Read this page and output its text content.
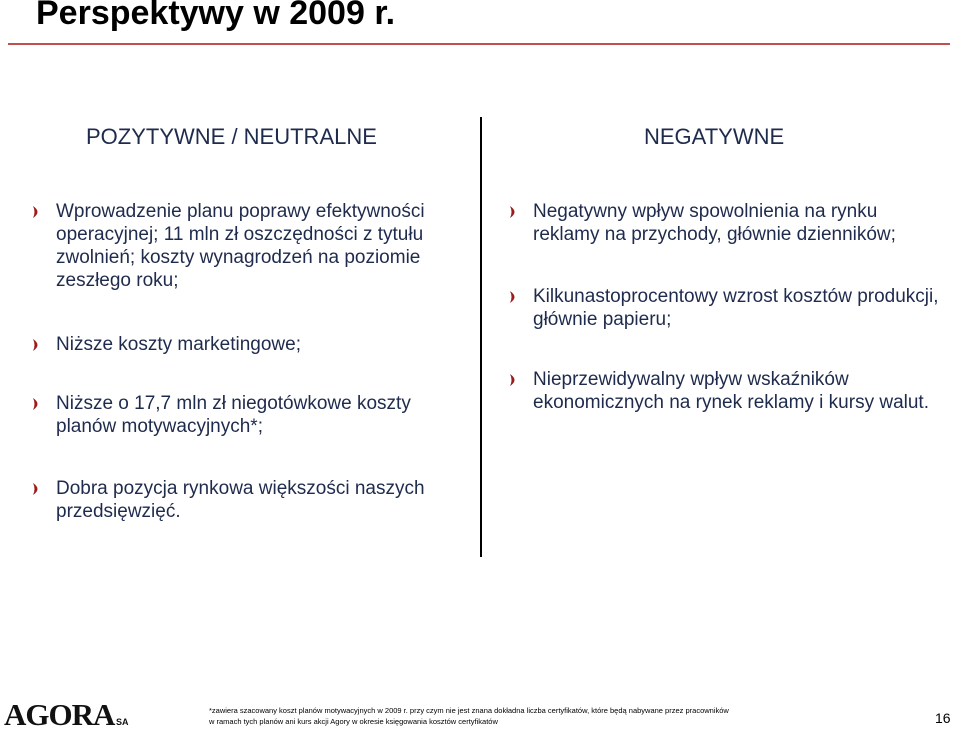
Perspektywy w 2009 r.
POZYTYWNE / NEUTRALNE	NEGATYWNE
Wprowadzenie planu poprawy efektywności operacyjnej; 11 mln zł oszczędności z tytułu zwolnień; koszty wynagrodzeń na poziomie zeszłego roku;
Niższe koszty marketingowe;
Niższe o 17,7 mln zł niegotówkowe koszty planów motywacyjnych*;
Dobra pozycja rynkowa większości naszych przedsięwzięć.
Negatywny wpływ spowolnienia na rynku reklamy na przychody, głównie dzienników;
Kilkunastoprocentowy wzrost kosztów produkcji, głównie papieru;
Nieprzewidywalny wpływ wskaźników ekonomicznych na rynek reklamy i kursy walut.
AGORA SA
*zawiera szacowany koszt planów motywacyjnych w 2009 r. przy czym nie jest znana dokładna liczba certyfikatów, które będą nabywane przez pracowników
w ramach tych planów ani kurs akcji Agory w okresie księgowania kosztów certyfikatów	16
